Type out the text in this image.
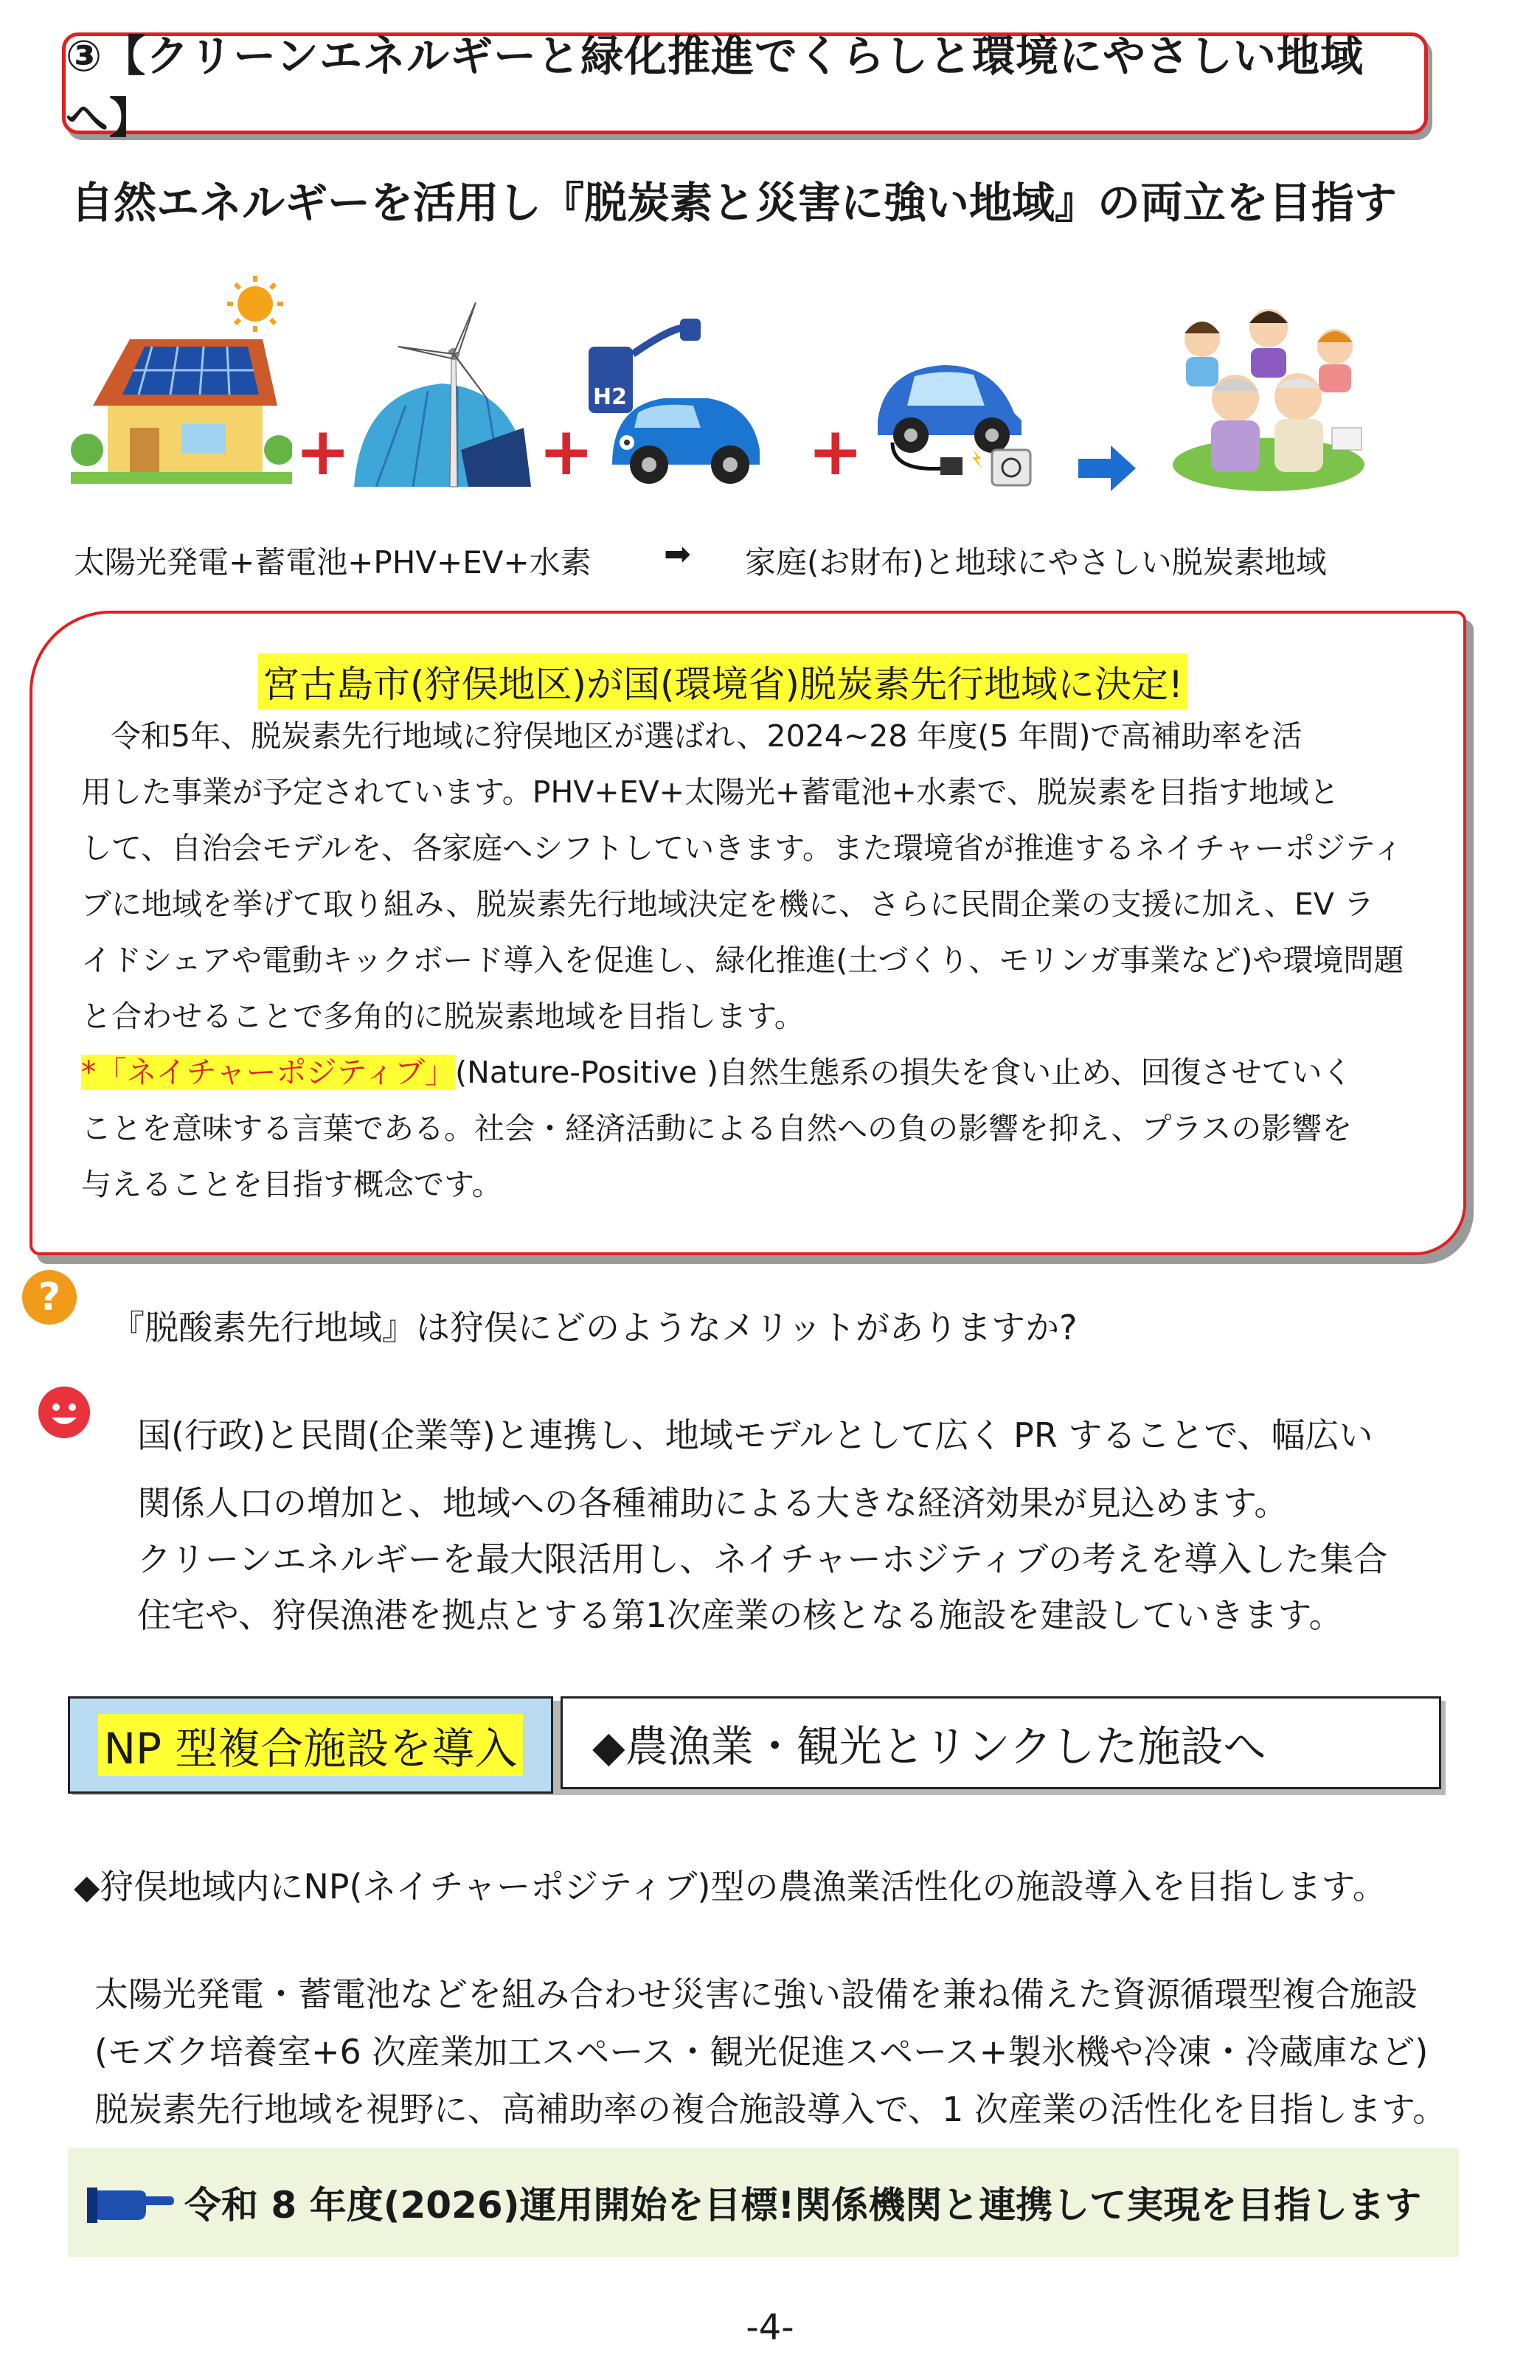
③【クリーンエネルギーと緑化推進でくらしと環境にやさしい地域へ】
自然エネルギーを活用し『脱炭素と災害に強い地域』の両立を目指す
+	+
H2
+
太陽光発電+蓄電池+PHV+EV+水素 ➡ 家庭(お財布)と地球にやさしい脱炭素地域
宮古島市(狩俣地区)が国(環境省)脱炭素先行地域に決定!
令和5年、脱炭素先行地域に狩俣地区が選ばれ、2024~28 年度(5 年間)で高補助率を活
用した事業が予定されています。PHV+EV+太陽光+蓄電池+水素で、脱炭素を目指す地域と
して、自治会モデルを、各家庭へシフトしていきます。また環境省が推進するネイチャーポジティ
ブに地域を挙げて取り組み、脱炭素先行地域決定を機に、さらに民間企業の支援に加え、EV ラ
イドシェアや電動キックボード導入を促進し、緑化推進(土づくり、モリンガ事業など)や環境問題
と合わせることで多角的に脱炭素地域を目指します。
*「ネイチャーポジティブ」(Nature-Positive )自然生態系の損失を食い止め、回復させていく
ことを意味する言葉である。社会・経済活動による自然への負の影響を抑え、プラスの影響を
与えることを目指す概念です。
?
『脱酸素先行地域』は狩俣にどのようなメリットがありますか?
国(行政)と民間(企業等)と連携し、地域モデルとして広く PR することで、幅広い
関係人口の増加と、地域への各種補助による大きな経済効果が見込めます。
クリーンエネルギーを最大限活用し、ネイチャーホジティブの考えを導入した集合
住宅や、狩俣漁港を拠点とする第1次産業の核となる施設を建設していきます。
NP 型複合施設を導入 ◆農漁業・観光とリンクした施設へ
◆狩俣地域内にNP(ネイチャーポジティブ)型の農漁業活性化の施設導入を目指します。
太陽光発電・蓄電池などを組み合わせ災害に強い設備を兼ね備えた資源循環型複合施設
(モズク培養室+6 次産業加工スペース・観光促進スペース+製氷機や冷凍・冷蔵庫など)
脱炭素先行地域を視野に、高補助率の複合施設導入で、1 次産業の活性化を目指します。
令和 8 年度(2026)運用開始を目標!関係機関と連携して実現を目指します
-4-
